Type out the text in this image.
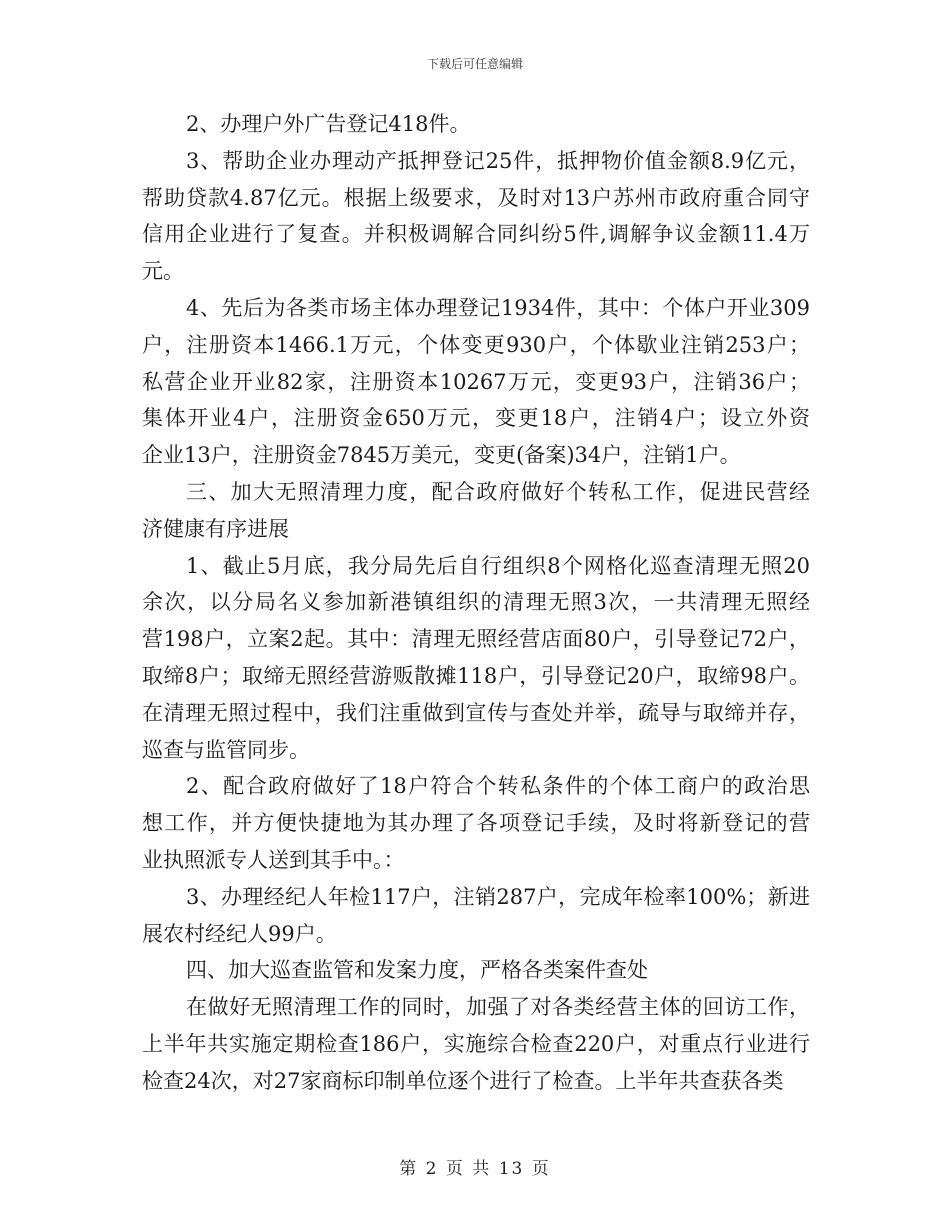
下载后可任意编辑
2、办理户外广告登记418件。
3、帮助企业办理动产抵押登记25件，抵押物价值金额8.9亿元，
帮助贷款4.87亿元。根据上级要求，及时对13户苏州市政府重合同守
信用企业进行了复查。并积极调解合同纠纷5件,调解争议金额11.4万
元。
4、先后为各类市场主体办理登记1934件，其中：个体户开业309
户，注册资本1466.1万元，个体变更930户，个体歇业注销253户；
私营企业开业82家，注册资本10267万元，变更93户，注销36户；
集体开业4户，注册资金650万元，变更18户，注销4户；设立外资
企业13户，注册资金7845万美元，变更(备案)34户，注销1户。
三、加大无照清理力度，配合政府做好个转私工作，促进民营经
济健康有序进展
1、截止5月底，我分局先后自行组织8个网格化巡查清理无照20
余次，以分局名义参加新港镇组织的清理无照3次，一共清理无照经
营198户，立案2起。其中：清理无照经营店面80户，引导登记72户，
取缔8户；取缔无照经营游贩散摊118户，引导登记20户，取缔98户。
在清理无照过程中，我们注重做到宣传与查处并举，疏导与取缔并存，
巡查与监管同步。
2、配合政府做好了18户符合个转私条件的个体工商户的政治思
想工作，并方便快捷地为其办理了各项登记手续，及时将新登记的营
业执照派专人送到其手中。：
3、办理经纪人年检117户，注销287户，完成年检率100%；新进
展农村经纪人99户。
四、加大巡查监管和发案力度，严格各类案件查处
在做好无照清理工作的同时，加强了对各类经营主体的回访工作，
上半年共实施定期检查186户，实施综合检查220户，对重点行业进行
检查24次，对27家商标印制单位逐个进行了检查。上半年共查获各类
第 2 页 共 13 页
